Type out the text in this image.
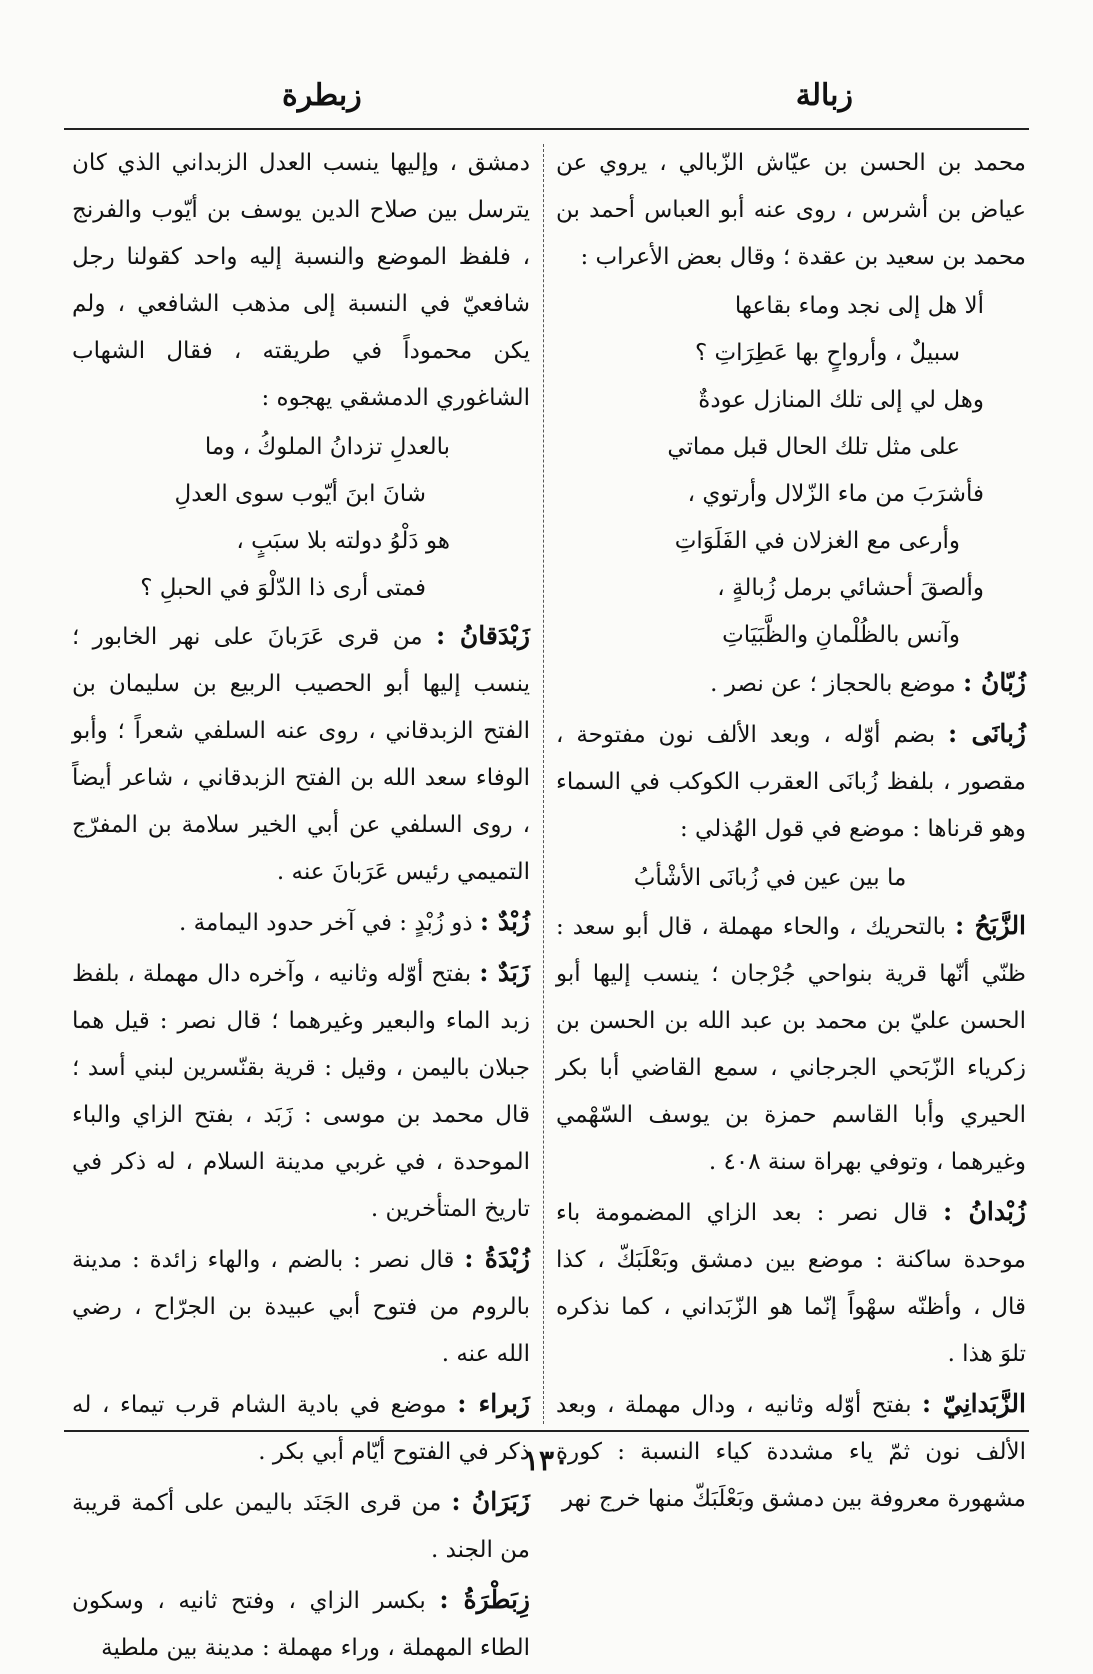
زبالة
زبطرة

محمد بن الحسن بن عيّاش الزّبالي ، يروي عن عياض بن أشرس ، روى عنه أبو العباس أحمد بن محمد بن سعيد بن عقدة ؛ وقال بعض الأعراب :

ألا هل إلى نجد وماء بقاعها
سبيلٌ ، وأرواحٍ بها عَطِرَاتِ ؟
وهل لي إلى تلك المنازل عودةٌ
على مثل تلك الحال قبل مماتي
فأشرَبَ من ماء الزّلال وأرتوي ،
وأرعى مع الغزلان في الفَلَوَاتِ
وألصقَ أحشائي برمل زُبالةٍ ،
وآنس بالظُلْمانِ والظَّبَيَاتِ

زُبّانُ : موضع بالحجاز ؛ عن نصر .

زُبانَى : بضم أوّله ، وبعد الألف نون مفتوحة ، مقصور ، بلفظ زُبانَى العقرب الكوكب في السماء وهو قرناها : موضع في قول الهُذلي :

ما بين عين في زُبانَى الأشْأبُ

الزَّبَحُ : بالتحريك ، والحاء مهملة ، قال أبو سعد : ظنّي أنّها قرية بنواحي جُرْجان ؛ ينسب إليها أبو الحسن عليّ بن محمد بن عبد الله بن الحسن بن زكرياء الزّبَحي الجرجاني ، سمع القاضي أبا بكر الحيري وأبا القاسم حمزة بن يوسف السّهْمي وغيرهما ، وتوفي بهراة سنة ٤٠٨ .

زُبْدانُ : قال نصر : بعد الزاي المضمومة باء موحدة ساكنة : موضع بين دمشق وبَعْلَبَكّ ، كذا قال ، وأظنّه سهْواً إنّما هو الزّبَداني ، كما نذكره تلوَ هذا .

الزَّبَدانِيّ : بفتح أوّله وثانيه ، ودال مهملة ، وبعد الألف نون ثمّ ياء مشددة كياء النسبة : كورة مشهورة معروفة بين دمشق وبَعْلَبَكّ منها خرج نهر

دمشق ، وإليها ينسب العدل الزبداني الذي كان يترسل بين صلاح الدين يوسف بن أيّوب والفرنج ، فلفظ الموضع والنسبة إليه واحد كقولنا رجل شافعيّ في النسبة إلى مذهب الشافعي ، ولم يكن محموداً في طريقته ، فقال الشهاب الشاغوري الدمشقي يهجوه :

بالعدلِ تزدانُ الملوكُ ، وما
شانَ ابنَ أيّوب سوى العدلِ
هو دَلْوُ دولته بلا سبَبٍ ،
فمتى أرى ذا الدّلْوَ في الحبلِ ؟

زَبْدَقانُ : من قرى عَرَبانَ على نهر الخابور ؛ ينسب إليها أبو الحصيب الربيع بن سليمان بن الفتح الزبدقاني ، روى عنه السلفي شعراً ؛ وأبو الوفاء سعد الله بن الفتح الزبدقاني ، شاعر أيضاً ، روى السلفي عن أبي الخير سلامة بن المفرّج التميمي رئيس عَرَبانَ عنه .

زُبْدٌ : ذو زُبْدٍ : في آخر حدود اليمامة .

زَبَدٌ : بفتح أوّله وثانيه ، وآخره دال مهملة ، بلفظ زبد الماء والبعير وغيرهما ؛ قال نصر : قيل هما جبلان باليمن ، وقيل : قرية بقنّسرين لبني أسد ؛ قال محمد بن موسى : زَبَد ، بفتح الزاي والباء الموحدة ، في غربي مدينة السلام ، له ذكر في تاريخ المتأخرين .

زُبْدَةُ : قال نصر : بالضم ، والهاء زائدة : مدينة بالروم من فتوح أبي عبيدة بن الجرّاح ، رضي الله عنه .

زَبراء : موضع في بادية الشام قرب تيماء ، له ذكر في الفتوح أيّام أبي بكر .

زَبَرَانُ : من قرى الجَنَد باليمن على أكمة قريبة من الجند .

زِبَطْرَةُ : بكسر الزاي ، وفتح ثانيه ، وسكون الطاء المهملة ، وراء مهملة : مدينة بين ملطية

١٣٠
